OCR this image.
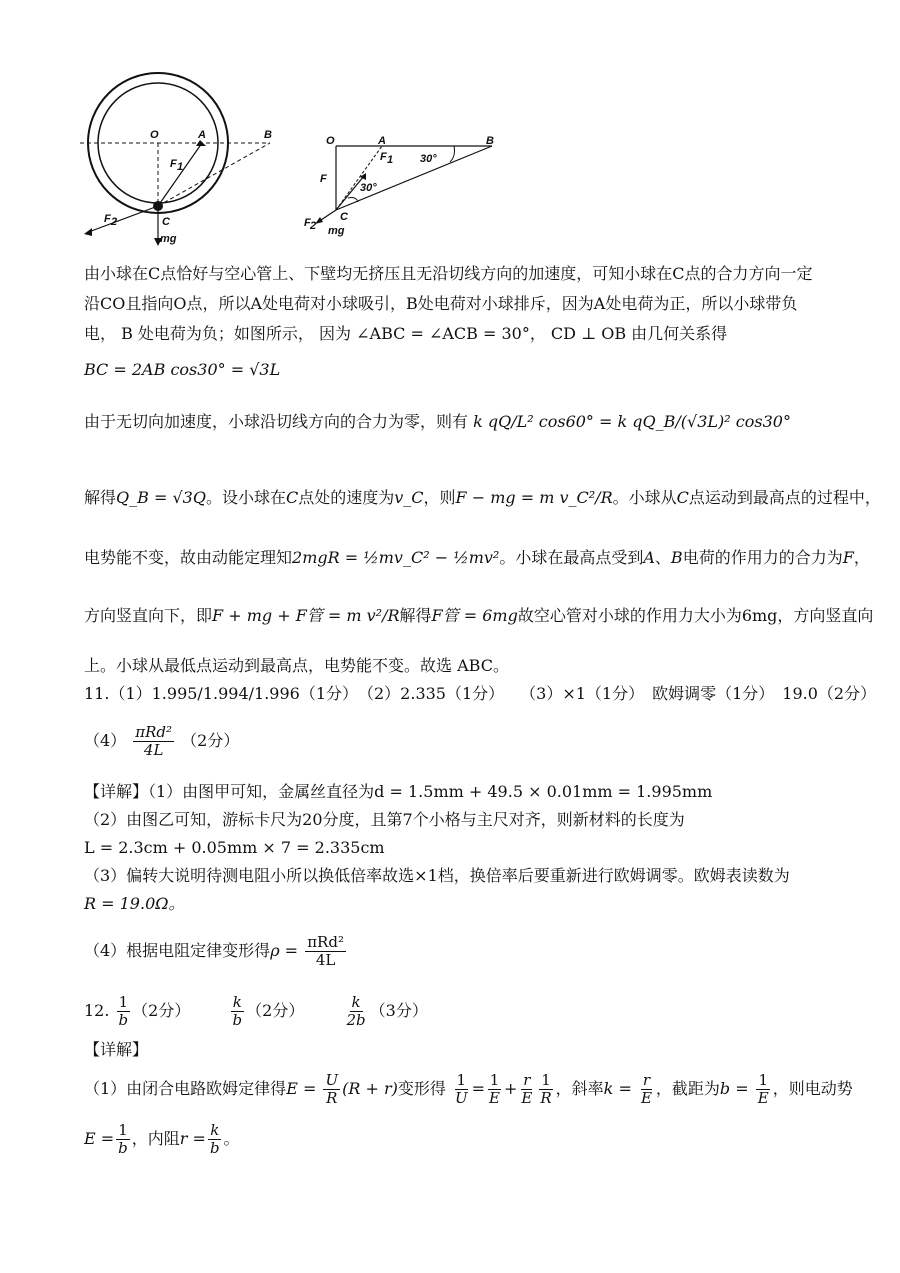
O	A	B
C
F 1
F 2
mg
O	A	B
C
F
F 1
F 2 mg
30°
30°
由小球在C点恰好与空心管上、下壁均无挤压且无沿切线方向的加速度，可知小球在C点的合力方向一定
沿CO且指向O点，所以A处电荷对小球吸引，B处电荷对小球排斥，因为A处电荷为正，所以小球带负
电， B 处电荷为负；如图所示， 因为 ∠ABC = ∠ACB = 30°， CD ⊥ OB 由几何关系得
BC = 2AB cos30° = √3L
由于无切向加速度，小球沿切线方向的合力为零，则有 k qQ/L² cos60° = k qQ_B/(√3L)² cos30°
解得Q_B = √3Q。设小球在C点处的速度为v_C，则F − mg = m v_C²/R。小球从C点运动到最高点的过程中，
电势能不变，故由动能定理知2mgR = ½mv_C² − ½mv²。小球在最高点受到A、B电荷的作用力的合力为F，
方向竖直向下，即F + mg + F管 = m v²/R解得F管 = 6mg故空心管对小球的作用力大小为6mg，方向竖直向
上。小球从最低点运动到最高点，电势能不变。故选 ABC。
11.（1）1.995/1.994/1.996（1分）　（2）2.335（1分）　　（3）×1（1分）　欧姆调零（1分）　19.0（2分）
$(4) \frac{\text{πRd²}}{4L} (2$分）
【详解】（1）由图甲可知，金属丝直径为d = 1.5mm + 49.5 × 0.01mm = 1.995mm
（2）由图乙可知，游标卡尺为20分度，且第7个小格与主尺对齐，则新材料的长度为
L = 2.3cm + 0.05mm × 7 = 2.335cm
（3）偏转大说明待测电阻小所以换低倍率故选×1档，换倍率后要重新进行欧姆调零。欧姆表读数为
R = 19.0Ω。
（4）根据电阻定律变形得$\rho = \frac{\text{πRd²}}{4L}$
12. $\frac{1}{b} (2$分）	$\frac{k}{b} (2$分）	$\frac{k}{2b} (3$分）
【详解】
（1）由闭合电路欧姆定律得$E = \frac{U}{R} (R + r)$变形得 $\frac{1}{U} = \frac{1}{E} + \frac{r}{E} \frac{1}{R}$ ，斜率$k = \frac{r}{E}$ ，截距为$b = \frac{1}{E}$ ，则电动势
$E = \frac{1}{b}$ ，内阻$r = \frac{k}{b}$ 。
